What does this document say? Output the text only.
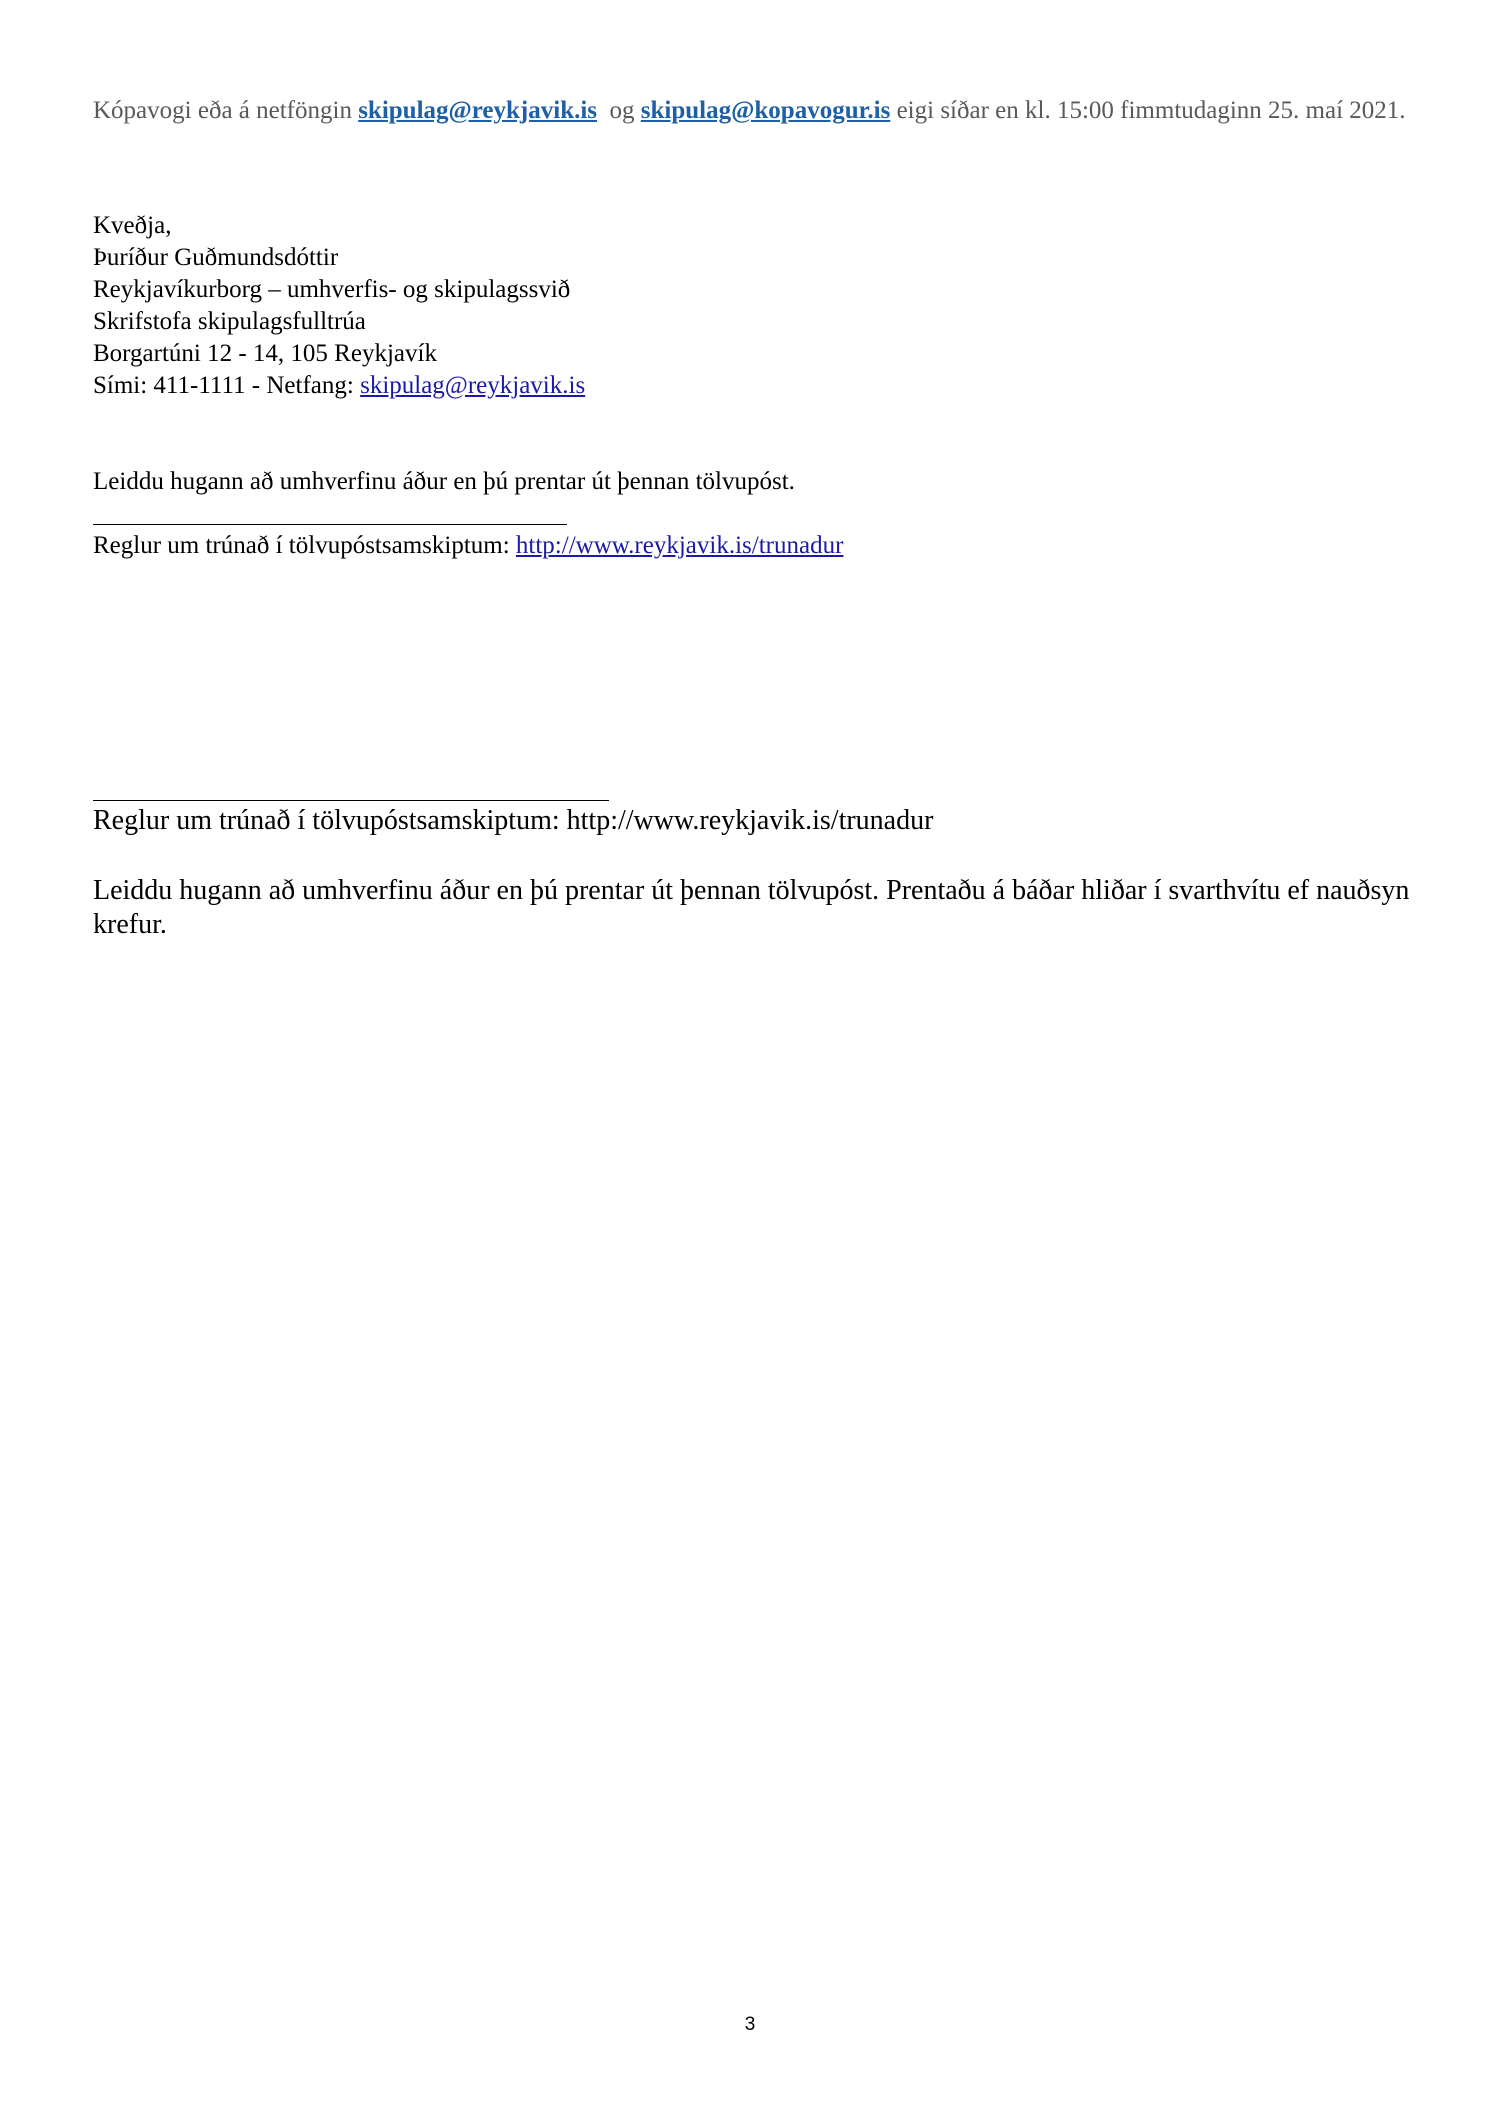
Kópavogi eða á netföngin skipulag@reykjavik.is  og skipulag@kopavogur.is eigi síðar en kl. 15:00 fimmtudaginn 25. maí 2021.
Kveðja,
Þuríður Guðmundsdóttir
Reykjavíkurborg – umhverfis- og skipulagssvið
Skrifstofa skipulagsfulltrúa
Borgartúni 12 - 14, 105 Reykjavík
Sími: 411-1111 - Netfang: skipulag@reykjavik.is
Leiddu hugann að umhverfinu áður en þú prentar út þennan tölvupóst.
Reglur um trúnað í tölvupóstsamskiptum: http://www.reykjavik.is/trunadur
Reglur um trúnað í tölvupóstsamskiptum: http://www.reykjavik.is/trunadur
Leiddu hugann að umhverfinu áður en þú prentar út þennan tölvupóst. Prentaðu á báðar hliðar í svarthvítu ef nauðsyn krefur.
3
